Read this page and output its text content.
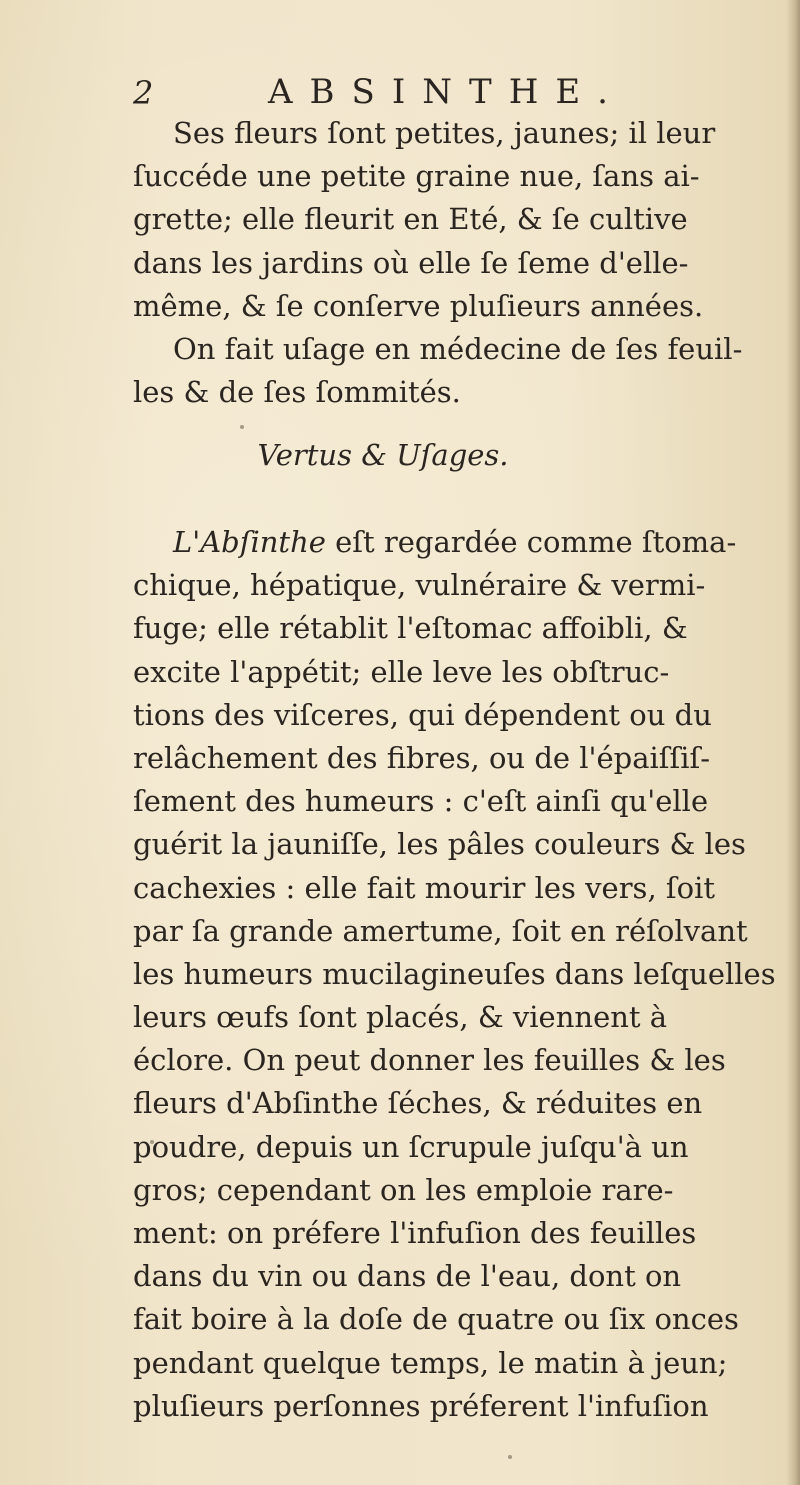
2	ABSINTHE.
Ses fleurs ſont petites, jaunes; il leur
ſuccéde une petite graine nue, ſans ai-
grette; elle fleurit en Eté, & ſe cultive
dans les jardins où elle ſe ſeme d'elle-
même, & ſe conſerve pluſieurs années.
On fait uſage en médecine de ſes feuil-
les & de ſes ſommités.
Vertus & Uſages.
L'Abſinthe eſt regardée comme ſtoma-
chique, hépatique, vulnéraire & vermi-
fuge; elle rétablit l'eſtomac affoibli, &
excite l'appétit; elle leve les obſtruc-
tions des viſceres, qui dépendent ou du
relâchement des fibres, ou de l'épaiſſiſ-
ſement des humeurs : c'eſt ainſi qu'elle
guérit la jauniſſe, les pâles couleurs & les
cachexies : elle fait mourir les vers, ſoit
par ſa grande amertume, ſoit en réſolvant
les humeurs mucilagineuſes dans leſquelles
leurs œufs ſont placés, & viennent à
éclore. On peut donner les feuilles & les
fleurs d'Abſinthe ſéches, & réduites en
poudre, depuis un ſcrupule juſqu'à un
gros; cependant on les emploie rare-
ment: on préfere l'infuſion des feuilles
dans du vin ou dans de l'eau, dont on
fait boire à la doſe de quatre ou ſix onces
pendant quelque temps, le matin à jeun;
pluſieurs perſonnes préferent l'infuſion
